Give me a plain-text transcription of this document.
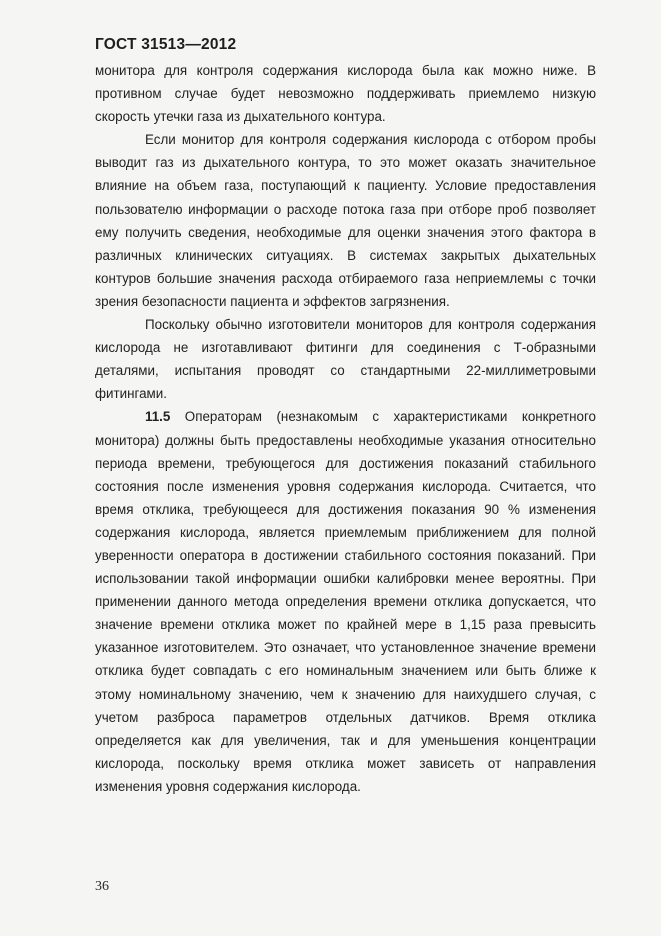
ГОСТ 31513—2012

монитора для контроля содержания кислорода была как можно ниже. В противном случае будет невозможно поддерживать приемлемо низкую скорость утечки газа из дыхательного контура.

Если монитор для контроля содержания кислорода с отбором пробы выводит газ из дыхательного контура, то это может оказать значительное влияние на объем газа, поступающий к пациенту. Условие предоставления пользователю информации о расходе потока газа при отборе проб позволяет ему получить сведения, необходимые для оценки значения этого фактора в различных клинических ситуациях. В системах закрытых дыхательных контуров большие значения расхода отбираемого газа неприемлемы с точки зрения безопасности пациента и эффектов загрязнения.

Поскольку обычно изготовители мониторов для контроля содержания кислорода не изготавливают фитинги для соединения с Т-образными деталями, испытания проводят со стандартными 22-миллиметровыми фитингами.

11.5 Операторам (незнакомым с характеристиками конкретного монитора) должны быть предоставлены необходимые указания относительно периода времени, требующегося для достижения показаний стабильного состояния после изменения уровня содержания кислорода. Считается, что время отклика, требующееся для достижения показания 90 % изменения содержания кислорода, является приемлемым приближением для полной уверенности оператора в достижении стабильного состояния показаний. При использовании такой информации ошибки калибровки менее вероятны. При применении данного метода определения времени отклика допускается, что значение времени отклика может по крайней мере в 1,15 раза превысить указанное изготовителем. Это означает, что установленное значение времени отклика будет совпадать с его номинальным значением или быть ближе к этому номинальному значению, чем к значению для наихудшего случая, с учетом разброса параметров отдельных датчиков. Время отклика определяется как для увеличения, так и для уменьшения концентрации кислорода, поскольку время отклика может зависеть от направления изменения уровня содержания кислорода.

36
